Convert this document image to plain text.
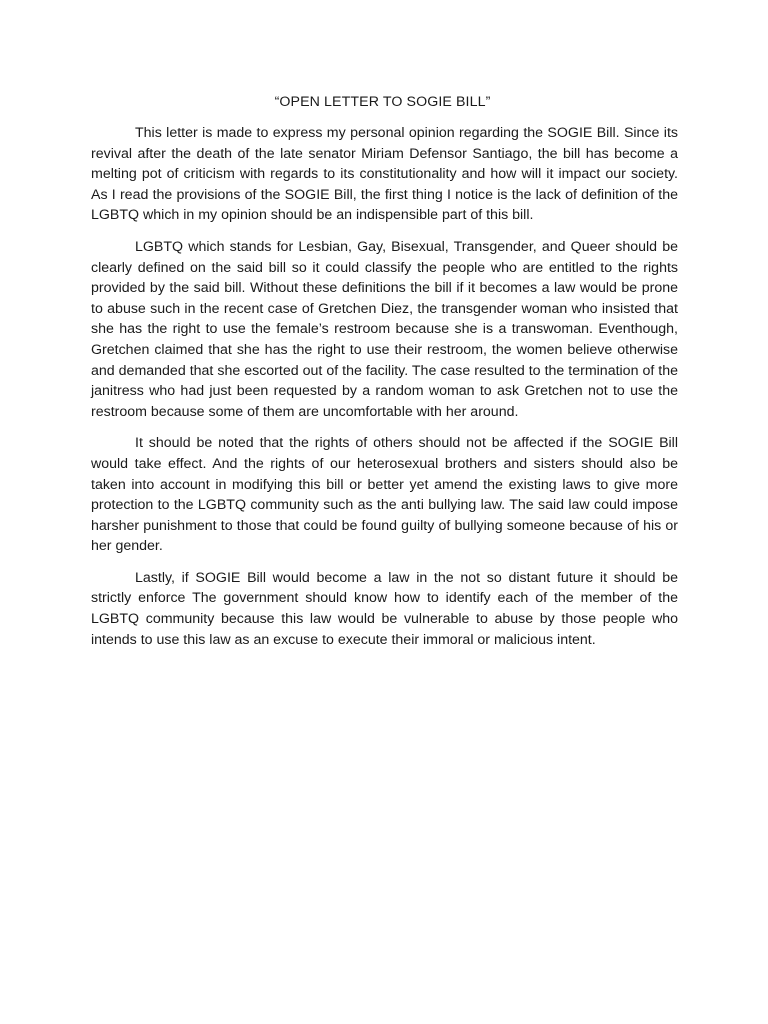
“OPEN LETTER TO SOGIE BILL”

This letter is made to express my personal opinion regarding the SOGIE Bill. Since its revival after the death of the late senator Miriam Defensor Santiago, the bill has become a melting pot of criticism with regards to its constitutionality and how will it impact our society. As I read the provisions of the SOGIE Bill, the first thing I notice is the lack of definition of the LGBTQ which in my opinion should be an indispensible part of this bill.

LGBTQ which stands for Lesbian, Gay, Bisexual, Transgender, and Queer should be clearly defined on the said bill so it could classify the people who are entitled to the rights provided by the said bill. Without these definitions the bill if it becomes a law would be prone to abuse such in the recent case of Gretchen Diez, the transgender woman who insisted that she has the right to use the female’s restroom because she is a transwoman. Eventhough, Gretchen claimed that she has the right to use their restroom, the women believe otherwise and demanded that she escorted out of the facility. The case resulted to the termination of the janitress who had just been requested by a random woman to ask Gretchen not to use the restroom because some of them are uncomfortable with her around.

It should be noted that the rights of others should not be affected if the SOGIE Bill would take effect. And the rights of our heterosexual brothers and sisters should also be taken into account in modifying this bill or better yet amend the existing laws to give more protection to the LGBTQ community such as the anti bullying law. The said law could impose harsher punishment to those that could be found guilty of bullying someone because of his or her gender.

Lastly, if SOGIE Bill would become a law in the not so distant future it should be strictly enforce The government should know how to identify each of the member of the LGBTQ community because this law would be vulnerable to abuse by those people who intends to use this law as an excuse to execute their immoral or malicious intent.
